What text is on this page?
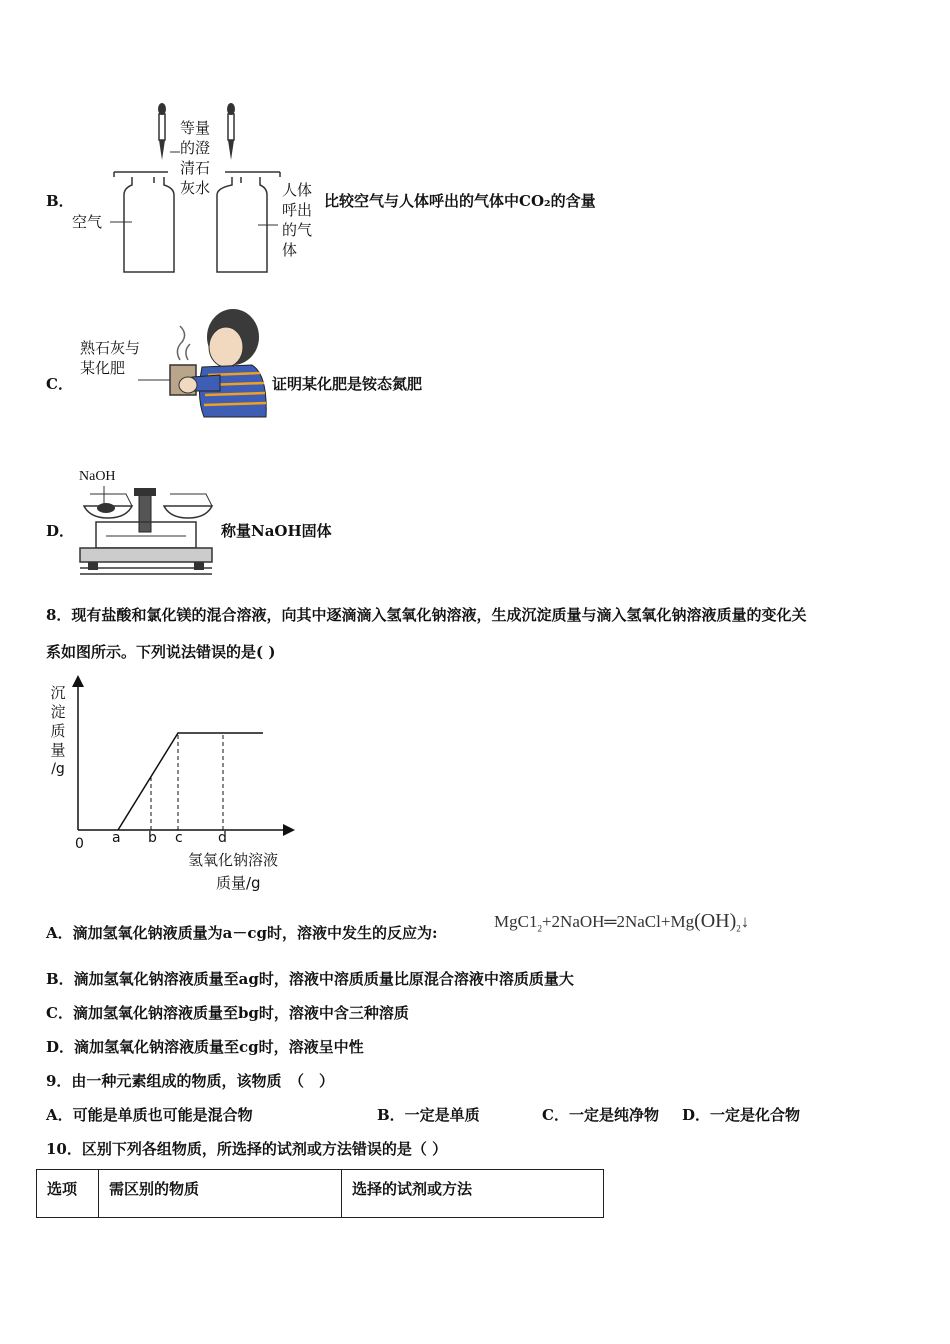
B．
等量
的澄
清石
灰水
空气
人体
呼出
的气
体
比较空气与人体呼出的气体中CO₂的含量
C．
熟石灰与
某化肥
证明某化肥是铵态氮肥
D．
NaOH
称量NaOH固体
8．现有盐酸和氯化镁的混合溶液，向其中逐滴滴入氢氧化钠溶液，生成沉淀质量与滴入氢氧化钠溶液质量的变化关
系如图所示。下列说法错误的是( )
沉
淀
质
量
/g
0 a b c	d
氢氧化钠溶液
质量/g
A．滴加氢氧化钠液质量为a－cg时，溶液中发生的反应为:
$MgC1_2+2NaOH═2NaCl+Mg(OH)_2↓$
B．滴加氢氧化钠溶液质量至ag时，溶液中溶质质量比原混合溶液中溶质质量大
C．滴加氢氧化钠溶液质量至bg时，溶液中含三种溶质
D．滴加氢氧化钠溶液质量至cg时，溶液呈中性
9．由一种元素组成的物质，该物质　（　）
A．可能是单质也可能是混合物	B．一定是单质	C．一定是纯净物 D．一定是化合物
10．区别下列各组物质，所选择的试剂或方法错误的是（ ）
选项	需区别的物质	选择的试剂或方法
